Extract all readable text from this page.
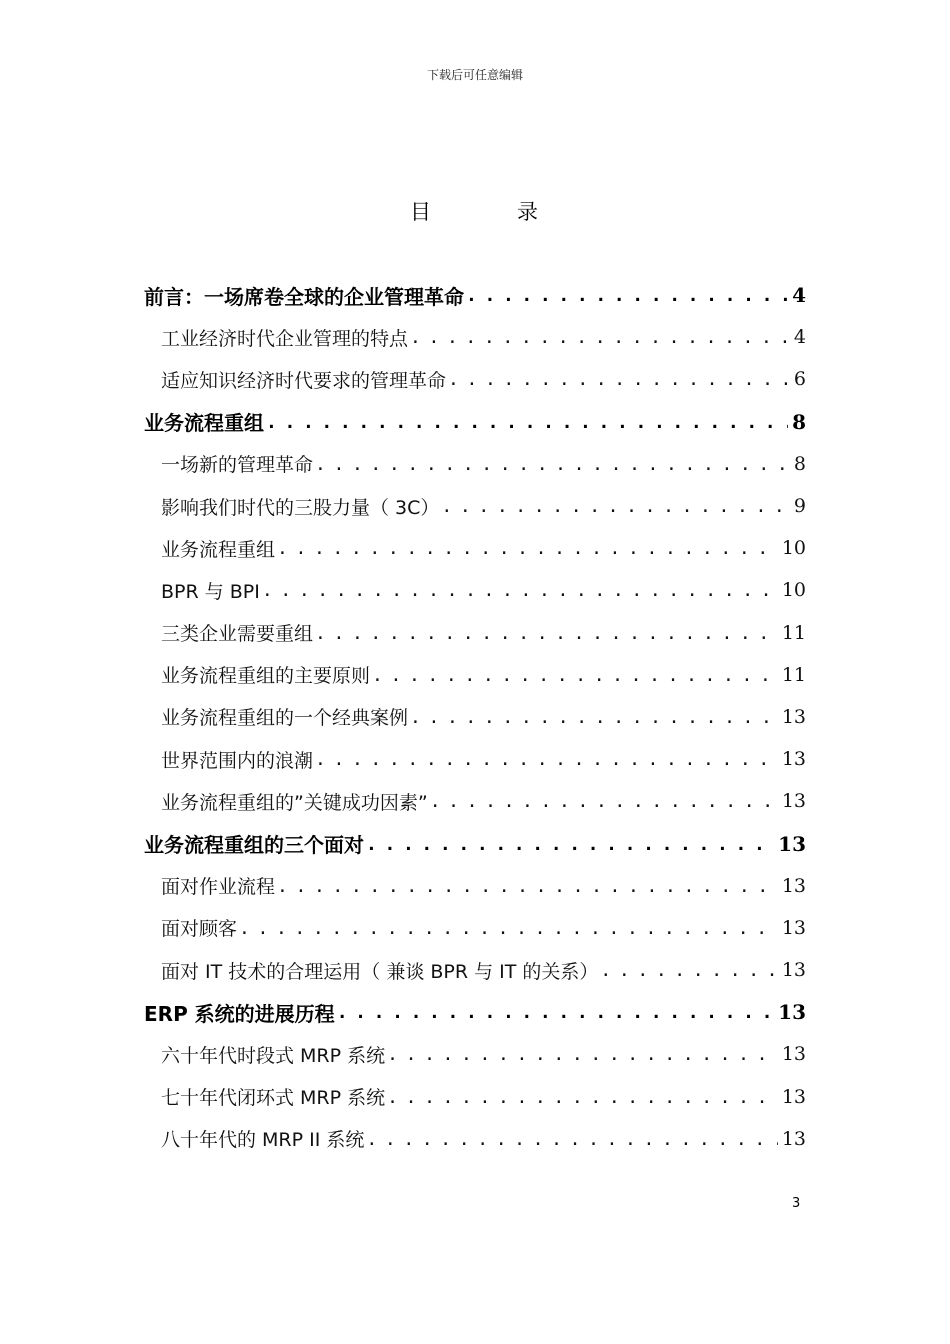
下载后可任意编辑
目	录
前言：一场席卷全球的企业管理革命 . . .	4
工业经济时代企业管理的特点 . . .	4
适应知识经济时代要求的管理革命 . . .	6
业务流程重组 . . .	8
一场新的管理革命 . . .	8
影响我们时代的三股力量（ 3C） . . .	9
业务流程重组 . . .	10
BPR 与 BPI . . .	10
三类企业需要重组 . . .	11
业务流程重组的主要原则 . . .	11
业务流程重组的一个经典案例 . . .	13
世界范围内的浪潮 . . .	13
业务流程重组的”关键成功因素” . . .	13
业务流程重组的三个面对 . . .	13
面对作业流程 . . .	13
面对顾客 . . .	13
面对 IT 技术的合理运用（ 兼谈 BPR 与 IT 的关系） . . .	13
ERP 系统的进展历程 . . .	13
六十年代时段式 MRP 系统 . . .	13
七十年代闭环式 MRP 系统 . . .	13
八十年代的 MRP II 系统 . . .	13
3
